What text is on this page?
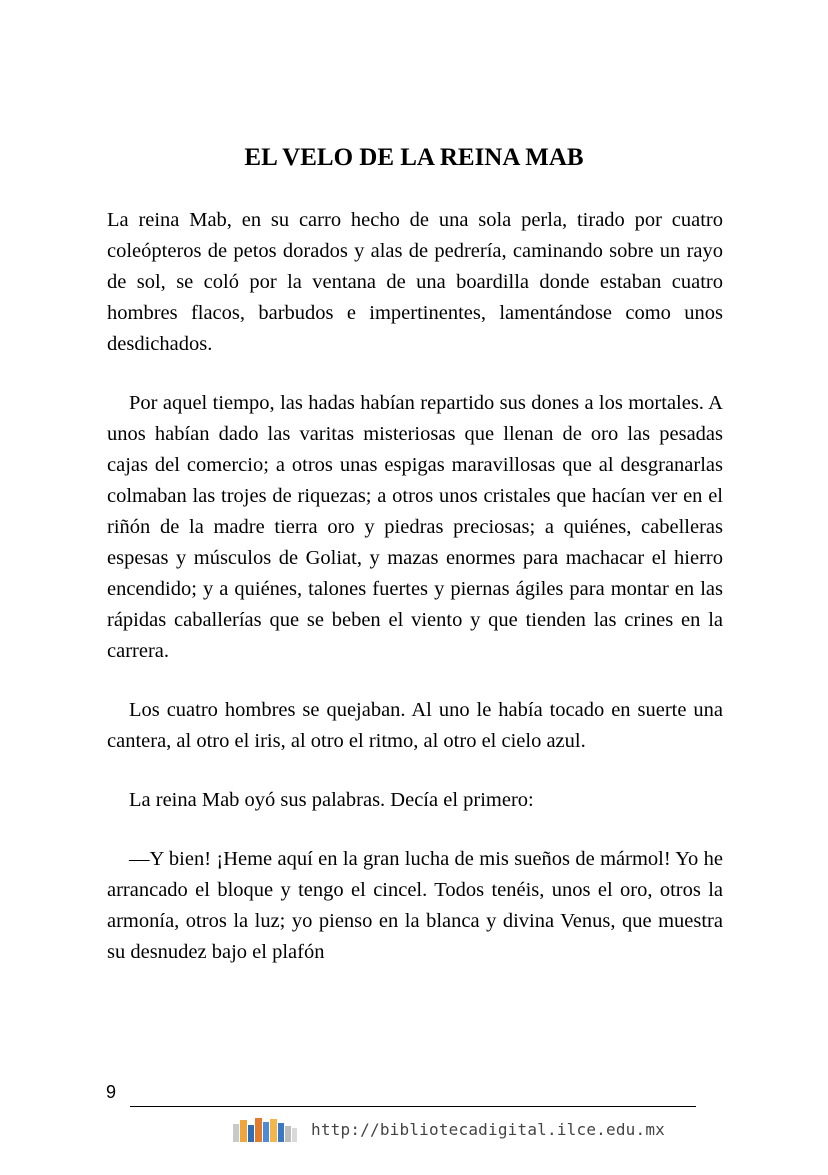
EL VELO DE LA REINA MAB

La reina Mab, en su carro hecho de una sola perla, tirado por cuatro coleópteros de petos dorados y alas de pedrería, caminando sobre un rayo de sol, se coló por la ventana de una boardilla donde estaban cuatro hombres flacos, barbudos e impertinentes, lamentándose como unos desdichados.

Por aquel tiempo, las hadas habían repartido sus dones a los mortales. A unos habían dado las varitas misteriosas que llenan de oro las pesadas cajas del comercio; a otros unas espigas maravillosas que al desgranarlas colmaban las trojes de riquezas; a otros unos cristales que hacían ver en el riñón de la madre tierra oro y piedras preciosas; a quiénes, cabelleras espesas y músculos de Goliat, y mazas enormes para machacar el hierro encendido; y a quiénes, talones fuertes y piernas ágiles para montar en las rápidas caballerías que se beben el viento y que tienden las crines en la carrera.

Los cuatro hombres se quejaban. Al uno le había tocado en suerte una cantera, al otro el iris, al otro el ritmo, al otro el cielo azul.

La reina Mab oyó sus palabras. Decía el primero:

—Y bien! ¡Heme aquí en la gran lucha de mis sueños de mármol! Yo he arrancado el bloque y tengo el cincel. Todos tenéis, unos el oro, otros la armonía, otros la luz; yo pienso en la blanca y divina Venus, que muestra su desnudez bajo el plafón

9
http://bibliotecadigital.ilce.edu.mx
